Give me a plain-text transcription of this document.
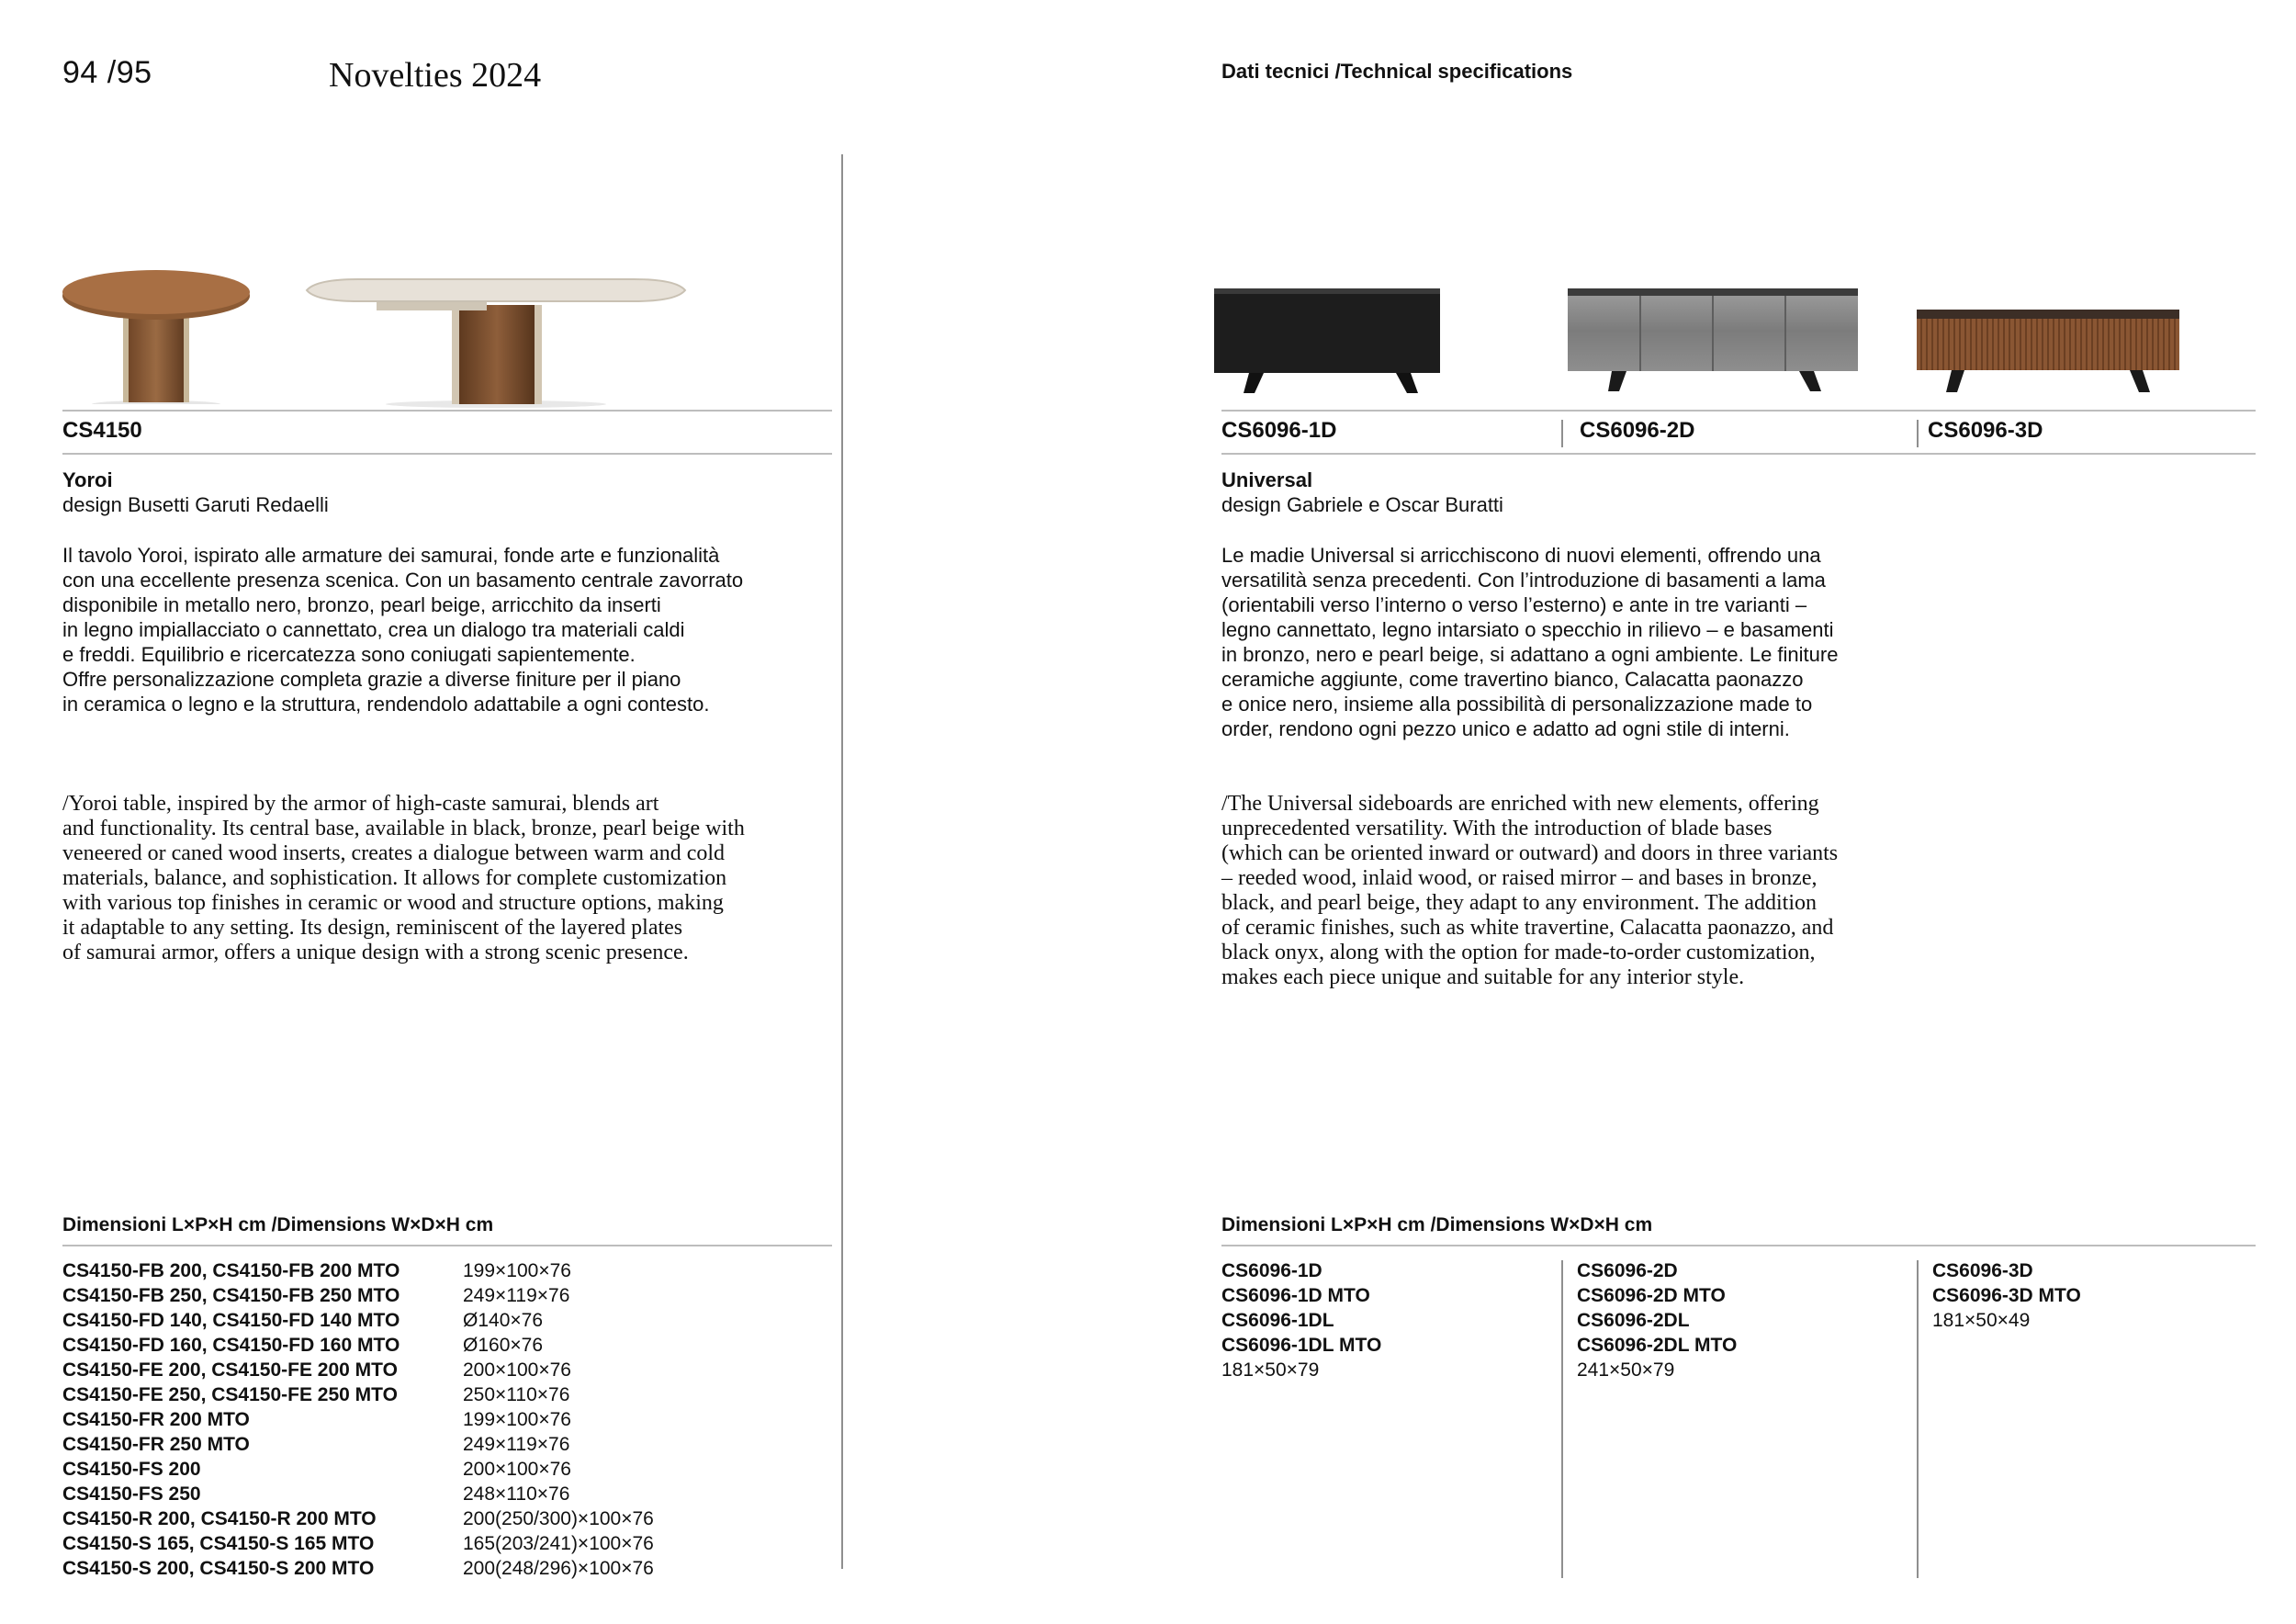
94 /95	Novelties 2024	Dati tecnici /Technical specifications
CS4150
Yoroi
design Busetti Garuti Redaelli
Il tavolo Yoroi, ispirato alle armature dei samurai, fonde arte e funzionalità
con una eccellente presenza scenica. Con un basamento centrale zavorrato
disponibile in metallo nero, bronzo, pearl beige, arricchito da inserti
in legno impiallacciato o cannettato, crea un dialogo tra materiali caldi
e freddi. Equilibrio e ricercatezza sono coniugati sapientemente.
Offre personalizzazione completa grazie a diverse finiture per il piano
in ceramica o legno e la struttura, rendendolo adattabile a ogni contesto.
/Yoroi table, inspired by the armor of high-caste samurai, blends art
and functionality. Its central base, available in black, bronze, pearl beige with
veneered or caned wood inserts, creates a dialogue between warm and cold
materials, balance, and sophistication. It allows for complete customization
with various top finishes in ceramic or wood and structure options, making
it adaptable to any setting. Its design, reminiscent of the layered plates
of samurai armor, offers a unique design with a strong scenic presence.
Dimensioni L×P×H cm /Dimensions W×D×H cm
CS4150-FB 200, CS4150-FB 200 MTO	199×100×76
CS4150-FB 250, CS4150-FB 250 MTO	249×119×76
CS4150-FD 140, CS4150-FD 140 MTO	Ø140×76
CS4150-FD 160, CS4150-FD 160 MTO	Ø160×76
CS4150-FE 200, CS4150-FE 200 MTO	200×100×76
CS4150-FE 250, CS4150-FE 250 MTO	250×110×76
CS4150-FR 200 MTO	199×100×76
CS4150-FR 250 MTO	249×119×76
CS4150-FS 200	200×100×76
CS4150-FS 250	248×110×76
CS4150-R 200, CS4150-R 200 MTO	200(250/300)×100×76
CS4150-S 165, CS4150-S 165 MTO	165(203/241)×100×76
CS4150-S 200, CS4150-S 200 MTO	200(248/296)×100×76
CS6096-1D	CS6096-2D	CS6096-3D
Universal
design Gabriele e Oscar Buratti
Le madie Universal si arricchiscono di nuovi elementi, offrendo una
versatilità senza precedenti. Con l’introduzione di basamenti a lama
(orientabili verso l’interno o verso l’esterno) e ante in tre varianti –
legno cannettato, legno intarsiato o specchio in rilievo – e basamenti
in bronzo, nero e pearl beige, si adattano a ogni ambiente. Le finiture
ceramiche aggiunte, come travertino bianco, Calacatta paonazzo
e onice nero, insieme alla possibilità di personalizzazione made to
order, rendono ogni pezzo unico e adatto ad ogni stile di interni.
/The Universal sideboards are enriched with new elements, offering
unprecedented versatility. With the introduction of blade bases
(which can be oriented inward or outward) and doors in three variants
– reeded wood, inlaid wood, or raised mirror – and bases in bronze,
black, and pearl beige, they adapt to any environment. The addition
of ceramic finishes, such as white travertine, Calacatta paonazzo, and
black onyx, along with the option for made-to-order customization,
makes each piece unique and suitable for any interior style.
Dimensioni L×P×H cm /Dimensions W×D×H cm
CS6096-1D
CS6096-1D MTO
CS6096-1DL
CS6096-1DL MTO
181×50×79
CS6096-2D
CS6096-2D MTO
CS6096-2DL
CS6096-2DL MTO
241×50×79
CS6096-3D
CS6096-3D MTO
181×50×49
